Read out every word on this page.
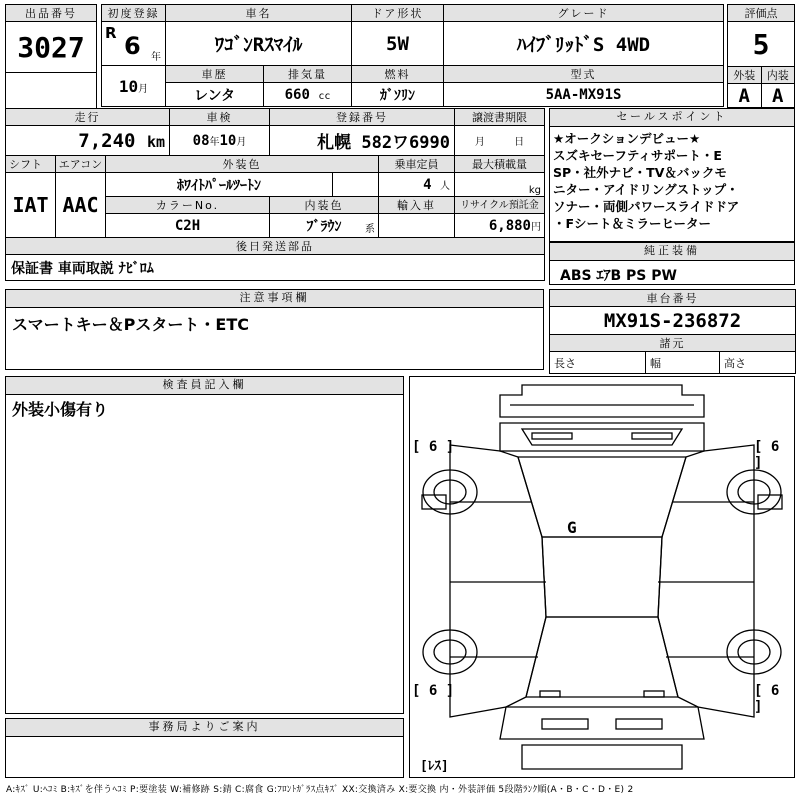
出品番号
3027

初度登録	車名		ドア形状	グレード

R 6 年	ﾜｺﾞﾝRｽﾏｲﾙ		5W	ﾊｲﾌﾞﾘｯﾄﾞS 4WD
10月	車歴	排気量	燃料	型式
	レンタ	660 cc	ｶﾞｿﾘﾝ	5AA-MX91S
評価点	
5	
外装	内装
A	A
走行			車検	登録番号			譲渡書期限
7,240 km			08年10月	札幌 582ワ6990			月 日
シフト	エアコン	外装色				乗車定員	最大積載量
IAT	AAC	ﾎﾜｲﾄﾊﾟｰﾙﾂｰﾄﾝ				4 人	kg
		カラーNo.		内装色		輸入車	リサイクル預託金
		C2H		ﾌﾞﾗｳﾝ 系			6,880円
後日発送部品							
保証書 車両取説 ﾅﾋﾞﾛﾑ							
セールスポイント
★オークションデビュー★
スズキセーフティサポート・E
SP・社外ナビ・TV＆バックモ
ニター・アイドリングストップ・
ソナー・両側パワースライドドア
・Fシート＆ミラーヒーター
純正装備
ABS ｴｱB PS PW
注意事項欄
スマートキー＆Pスタート・ETC
車台番号
MX91S-236872
諸元
長さ	幅	高さ
検査員記入欄
外装小傷有り
事務局よりご案内
[ 6 ]	[ 6 ]
[ 6 ]	[ 6 ]
G
[ﾚｽ]
A:ｷｽﾞ U:ﾍｺﾐ B:ｷｽﾞを伴うﾍｺﾐ P:要塗装 W:補修跡 S:錆 C:腐食 G:ﾌﾛﾝﾄｶﾞﾗｽ点ｷｽﾞ XX:交換済み X:要交換 内・外装評価 5段階ﾗﾝｸ順(A・B・C・D・E) 2
